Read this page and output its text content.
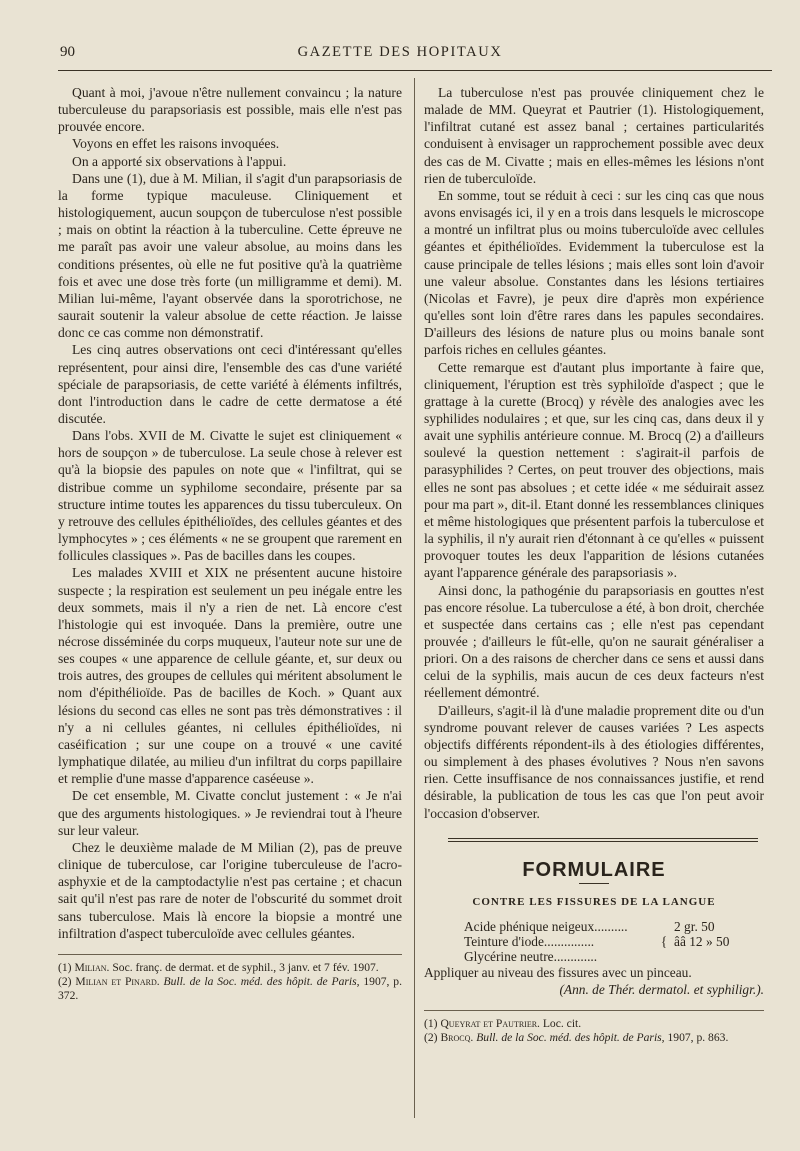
90	GAZETTE DES HOPITAUX

Quant à moi, j'avoue n'être nullement convaincu ; la nature tuberculeuse du parapsoriasis est possible, mais elle n'est pas prouvée encore.

Voyons en effet les raisons invoquées.

On a apporté six observations à l'appui.

Dans une (1), due à M. Milian, il s'agit d'un parapsoriasis de la forme typique maculeuse. Cliniquement et histologiquement, aucun soupçon de tuberculose n'est possible ; mais on obtint la réaction à la tuberculine. Cette épreuve ne me paraît pas avoir une valeur absolue, au moins dans les conditions présentes, où elle ne fut positive qu'à la quatrième fois et avec une dose très forte (un milligramme et demi). M. Milian lui-même, l'ayant observée dans la sporotrichose, ne saurait soutenir la valeur absolue de cette réaction. Je laisse donc ce cas comme non démonstratif.

Les cinq autres observations ont ceci d'intéressant qu'elles représentent, pour ainsi dire, l'ensemble des cas d'une variété spéciale de parapsoriasis, de cette variété à éléments infiltrés, dont l'introduction dans le cadre de cette dermatose a été discutée.

Dans l'obs. XVII de M. Civatte le sujet est cliniquement « hors de soupçon » de tuberculose. La seule chose à relever est qu'à la biopsie des papules on note que « l'infiltrat, qui se distribue comme un syphilome secondaire, présente par sa structure intime toutes les apparences du tissu tuberculeux. On y retrouve des cellules épithélioïdes, des cellules géantes et des lymphocytes » ; ces éléments « ne se groupent que rarement en follicules classiques ». Pas de bacilles dans les coupes.

Les malades XVIII et XIX ne présentent aucune histoire suspecte ; la respiration est seulement un peu inégale entre les deux sommets, mais il n'y a rien de net. Là encore c'est l'histologie qui est invoquée. Dans la première, outre une nécrose disséminée du corps muqueux, l'auteur note sur une de ses coupes « une apparence de cellule géante, et, sur deux ou trois autres, des groupes de cellules qui méritent absolument le nom d'épithélioïde. Pas de bacilles de Koch. » Quant aux lésions du second cas elles ne sont pas très démonstratives : il n'y a ni cellules géantes, ni cellules épithélioïdes, ni caséification ; sur une coupe on a trouvé « une cavité lymphatique dilatée, au milieu d'un infiltrat du corps papillaire et remplie d'une masse d'apparence caséeuse ».

De cet ensemble, M. Civatte conclut justement : « Je n'ai que des arguments histologiques. » Je reviendrai tout à l'heure sur leur valeur.

Chez le deuxième malade de M Milian (2), pas de preuve clinique de tuberculose, car l'origine tuberculeuse de l'acro-asphyxie et de la camptodactylie n'est pas certaine ; et chacun sait qu'il n'est pas rare de noter de l'obscurité du sommet droit sans tuberculose. Mais là encore la biopsie a montré une infiltration d'aspect tuberculoïde avec cellules géantes.

(1) Milian. Soc. franç. de dermat. et de syphil., 3 janv. et 7 fév. 1907.

(2) Milian et Pinard. Bull. de la Soc. méd. des hôpit. de Paris, 1907, p. 372.

La tuberculose n'est pas prouvée cliniquement chez le malade de MM. Queyrat et Pautrier (1). Histologiquement, l'infiltrat cutané est assez banal ; certaines particularités conduisent à envisager un rapprochement possible avec deux des cas de M. Civatte ; mais en elles-mêmes les lésions n'ont rien de tuberculoïde.

En somme, tout se réduit à ceci : sur les cinq cas que nous avons envisagés ici, il y en a trois dans lesquels le microscope a montré un infiltrat plus ou moins tuberculoïde avec cellules géantes et épithélioïdes. Evidemment la tuberculose est la cause principale de telles lésions ; mais elles sont loin d'avoir une valeur absolue. Constantes dans les lésions tertiaires (Nicolas et Favre), je peux dire d'après mon expérience qu'elles sont loin d'être rares dans les papules secondaires. D'ailleurs des lésions de nature plus ou moins banale sont parfois riches en cellules géantes.

Cette remarque est d'autant plus importante à faire que, cliniquement, l'éruption est très syphiloïde d'aspect ; que le grattage à la curette (Brocq) y révèle des analogies avec les syphilides nodulaires ; et que, sur les cinq cas, dans deux il y avait une syphilis antérieure connue. M. Brocq (2) a d'ailleurs soulevé la question nettement : s'agirait-il parfois de parasyphilides ? Certes, on peut trouver des objections, mais elles ne sont pas absolues ; et cette idée « me séduirait assez pour ma part », dit-il. Etant donné les ressemblances cliniques et même histologiques que présentent parfois la tuberculose et la syphilis, il n'y aurait rien d'étonnant à ce qu'elles « puissent provoquer toutes les deux l'apparition de lésions cutanées ayant l'apparence générale des parapsoriasis ».

Ainsi donc, la pathogénie du parapsoriasis en gouttes n'est pas encore résolue. La tuberculose a été, à bon droit, cherchée et suspectée dans certains cas ; elle n'est pas cependant prouvée ; d'ailleurs le fût-elle, qu'on ne saurait généraliser a priori. On a des raisons de chercher dans ce sens et aussi dans celui de la syphilis, mais aucun de ces deux facteurs n'est réellement démontré.

D'ailleurs, s'agit-il là d'une maladie proprement dite ou d'un syndrome pouvant relever de causes variées ? Les aspects objectifs différents répondent-ils à des étiologies différentes, ou simplement à des phases évolutives ? Nous n'en savons rien. Cette insuffisance de nos connaissances justifie, et rend désirable, la publication de tous les cas que l'on peut avoir l'occasion d'observer.

FORMULAIRE
CONTRE LES FISSURES DE LA LANGUE
Acide phénique neigeux..........	2 gr. 50
Teinture d'iode...............	{ ââ 12 » 50
Glycérine neutre.............

Appliquer au niveau des fissures avec un pinceau.

(Ann. de Thér. dermatol. et syphiligr.).

(1) Queyrat et Pautrier. Loc. cit.

(2) Brocq. Bull. de la Soc. méd. des hôpit. de Paris, 1907, p. 863.
